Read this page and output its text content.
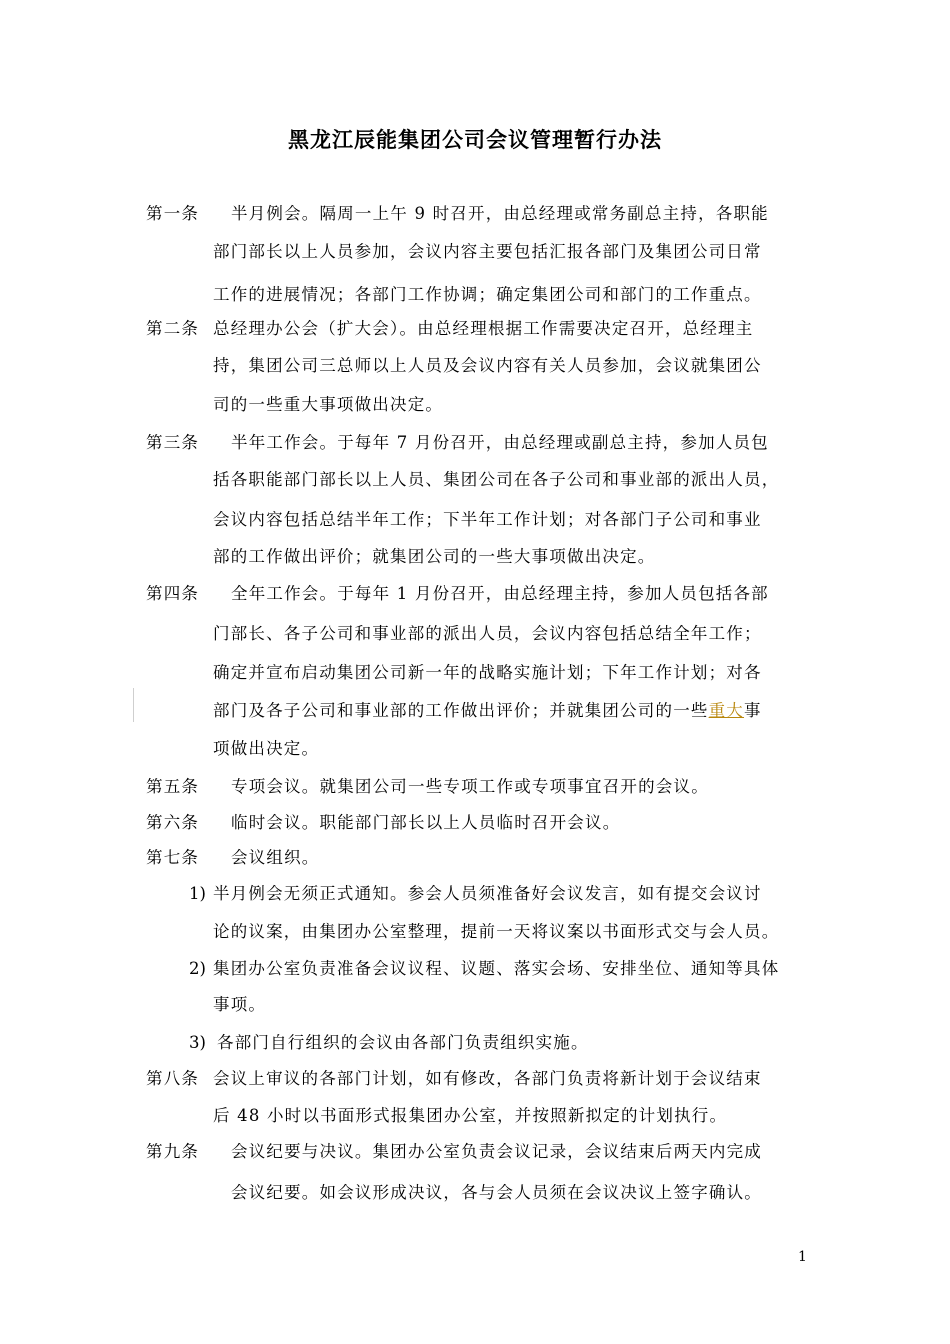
黑龙江辰能集团公司会议管理暂行办法
第一条 半月例会。隔周一上午 9 时召开，由总经理或常务副总主持，各职能
部门部长以上人员参加，会议内容主要包括汇报各部门及集团公司日常
工作的进展情况；各部门工作协调；确定集团公司和部门的工作重点。
第二条 总经理办公会（扩大会）。由总经理根据工作需要决定召开，总经理主
持，集团公司三总师以上人员及会议内容有关人员参加，会议就集团公
司的一些重大事项做出决定。
第三条 半年工作会。于每年 7 月份召开，由总经理或副总主持，参加人员包
括各职能部门部长以上人员、集团公司在各子公司和事业部的派出人员，
会议内容包括总结半年工作；下半年工作计划；对各部门子公司和事业
部的工作做出评价；就集团公司的一些大事项做出决定。
第四条 全年工作会。于每年 1 月份召开，由总经理主持，参加人员包括各部
门部长、各子公司和事业部的派出人员，会议内容包括总结全年工作；
确定并宣布启动集团公司新一年的战略实施计划；下年工作计划；对各
部门及各子公司和事业部的工作做出评价；并就集团公司的一些重大事
项做出决定。
第五条 专项会议。就集团公司一些专项工作或专项事宜召开的会议。
第六条 临时会议。职能部门部长以上人员临时召开会议。
第七条 会议组织。
1) 半月例会无须正式通知。参会人员须准备好会议发言，如有提交会议讨
论的议案，由集团办公室整理，提前一天将议案以书面形式交与会人员。
2) 集团办公室负责准备会议议程、议题、落实会场、安排坐位、通知等具体
事项。
3) 各部门自行组织的会议由各部门负责组织实施。
第八条 会议上审议的各部门计划，如有修改，各部门负责将新计划于会议结束
后 48 小时以书面形式报集团办公室，并按照新拟定的计划执行。
第九条 会议纪要与决议。集团办公室负责会议记录，会议结束后两天内完成
会议纪要。如会议形成决议，各与会人员须在会议决议上签字确认。
1
